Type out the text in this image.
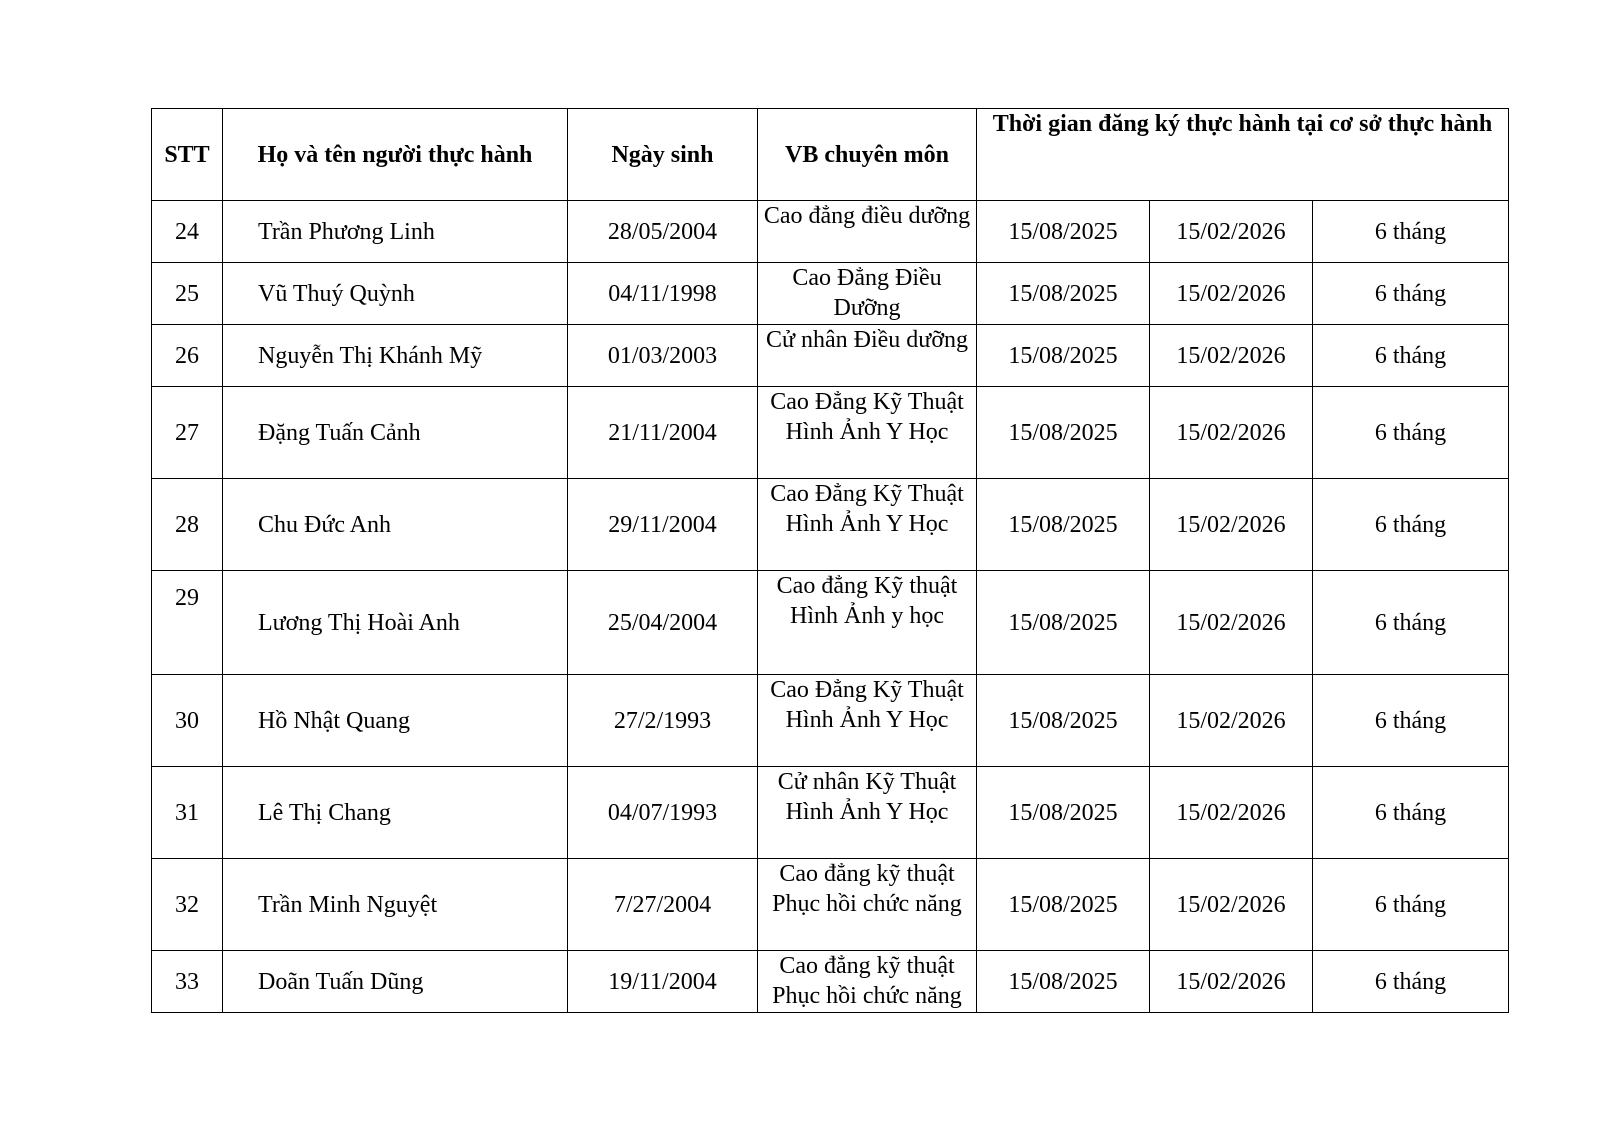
STT	Họ và tên người thực hành	Ngày sinh	VB chuyên môn	Thời gian đăng ký thực hành tại cơ sở thực hành		
24	Trần Phương Linh	28/05/2004	Cao đẳng điều dưỡng	15/08/2025	15/02/2026	6 tháng
25	Vũ Thuý Quỳnh	04/11/1998	Cao Đẳng Điều Dưỡng	15/08/2025	15/02/2026	6 tháng
26	Nguyễn Thị Khánh Mỹ	01/03/2003	Cử nhân Điều dưỡng	15/08/2025	15/02/2026	6 tháng
27	Đặng Tuấn Cảnh	21/11/2004	Cao Đẳng Kỹ Thuật Hình Ảnh Y Học	15/08/2025	15/02/2026	6 tháng
28	Chu Đức Anh	29/11/2004	Cao Đẳng Kỹ Thuật Hình Ảnh Y Học	15/08/2025	15/02/2026	6 tháng
29	Lương Thị Hoài Anh	25/04/2004	Cao đẳng Kỹ thuật Hình Ảnh y học	15/08/2025	15/02/2026	6 tháng
30	Hồ Nhật Quang	27/2/1993	Cao Đẳng Kỹ Thuật Hình Ảnh Y Học	15/08/2025	15/02/2026	6 tháng
31	Lê Thị Chang	04/07/1993	Cử nhân Kỹ Thuật Hình Ảnh Y Học	15/08/2025	15/02/2026	6 tháng
32	Trần Minh Nguyệt	7/27/2004	Cao đẳng kỹ thuật Phục hồi chức năng	15/08/2025	15/02/2026	6 tháng
33	Doãn Tuấn Dũng	19/11/2004	Cao đẳng kỹ thuật Phục hồi chức năng	15/08/2025	15/02/2026	6 tháng
